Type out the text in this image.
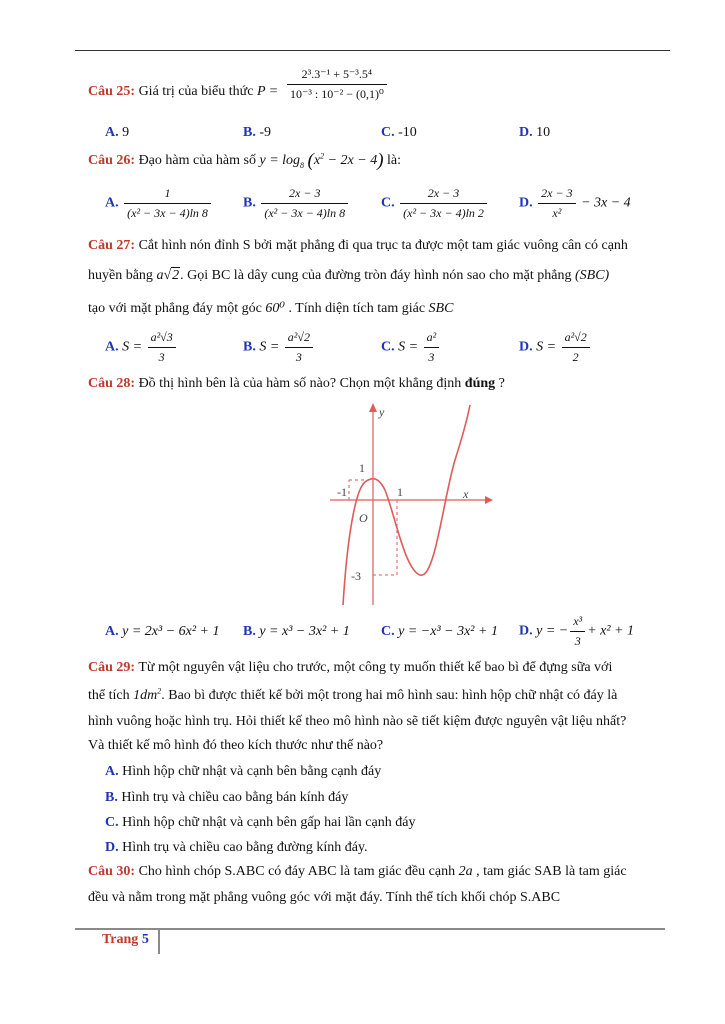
Câu 25: Giá trị của biểu thức $P = \frac{\text{2³.3⁻¹ + 5⁻³.5⁴}}{\text{10⁻³ : 10⁻² − (0,1)⁰}}$
A. 9	B. -9	C. -10	D. 10
Câu 26: Đạo hàm của hàm số $y = \log_8 (x^2 - 2x - 4)$ là:
A. $\frac{1}{\text{(x² − 3x − 4)ln 8}} B$. $\frac{2x - 3}{\text{(x² − 3x − 4)ln 8}} C$. $\frac{2x - 3}{\text{(x² − 3x − 4)ln 2}} D$. $\frac{2x - 3}{\text{x²}} - 3x - 4$
Câu 27: Cắt hình nón đỉnh S bởi mặt phẳng đi qua trục ta được một tam giác vuông cân có cạnh
huyền bằng a√2. Gọi BC là dây cung của đường tròn đáy hình nón sao cho mặt phẳng (SBC)
tạo với mặt phẳng đáy một góc 60⁰ . Tính diện tích tam giác SBC
A. $S = \frac{\text{a²√3}}{3}$	B. $S = \frac{\text{a²√2}}{3}$	C. $S = \frac{\text{a²}}{3}$	D. $S = \frac{\text{a²√2}}{2}$
Câu 28: Đồ thị hình bên là của hàm số nào? Chọn một khẳng định đúng ?
y
x
O
1
-1	1
-3
A. y = 2x³ − 6x² + 1 B. y = x³ − 3x² + 1 C. y = −x³ − 3x² + 1 D. y = − $\frac{\text{x³}}{3} + x^2 + 1$
Câu 29: Từ một nguyên vật liệu cho trước, một công ty muốn thiết kế bao bì để đựng sữa với
thể tích $1dm^2$. Bao bì được thiết kế bởi một trong hai mô hình sau: hình hộp chữ nhật có đáy là
hình vuông hoặc hình trụ. Hỏi thiết kế theo mô hình nào sẽ tiết kiệm được nguyên vật liệu nhất?
Và thiết kế mô hình đó theo kích thước như thế nào?
A. Hình hộp chữ nhật và cạnh bên bằng cạnh đáy
B. Hình trụ và chiều cao bằng bán kính đáy
C. Hình hộp chữ nhật và cạnh bên gấp hai lần cạnh đáy
D. Hình trụ và chiều cao bằng đường kính đáy.
Câu 30: Cho hình chóp S.ABC có đáy ABC là tam giác đều cạnh 2a , tam giác SAB là tam giác
đều và nằm trong mặt phẳng vuông góc với mặt đáy. Tính thể tích khối chóp S.ABC
Trang 5
